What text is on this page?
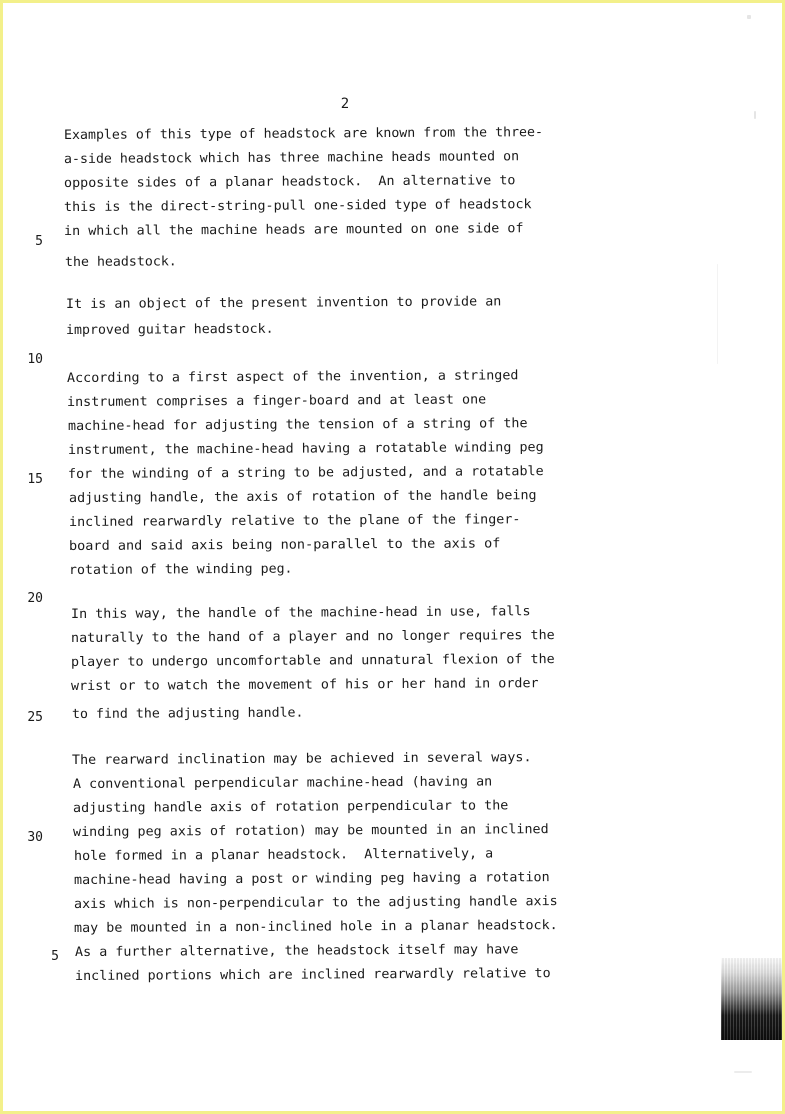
2
5
10
15
20
25
30
5
Examples of this type of headstock are known from the three-
a-side headstock which has three machine heads mounted on
opposite sides of a planar headstock.  An alternative to
this is the direct-string-pull one-sided type of headstock
in which all the machine heads are mounted on one side of
the headstock.
It is an object of the present invention to provide an
improved guitar headstock.
According to a first aspect of the invention, a stringed
instrument comprises a finger-board and at least one
machine-head for adjusting the tension of a string of the
instrument, the machine-head having a rotatable winding peg
for the winding of a string to be adjusted, and a rotatable
adjusting handle, the axis of rotation of the handle being
inclined rearwardly relative to the plane of the finger-
board and said axis being non-parallel to the axis of
rotation of the winding peg.
In this way, the handle of the machine-head in use, falls
naturally to the hand of a player and no longer requires the
player to undergo uncomfortable and unnatural flexion of the
wrist or to watch the movement of his or her hand in order
to find the adjusting handle.
The rearward inclination may be achieved in several ways.
A conventional perpendicular machine-head (having an
adjusting handle axis of rotation perpendicular to the
winding peg axis of rotation) may be mounted in an inclined
hole formed in a planar headstock.  Alternatively, a
machine-head having a post or winding peg having a rotation
axis which is non-perpendicular to the adjusting handle axis
may be mounted in a non-inclined hole in a planar headstock.
As a further alternative, the headstock itself may have
inclined portions which are inclined rearwardly relative to
